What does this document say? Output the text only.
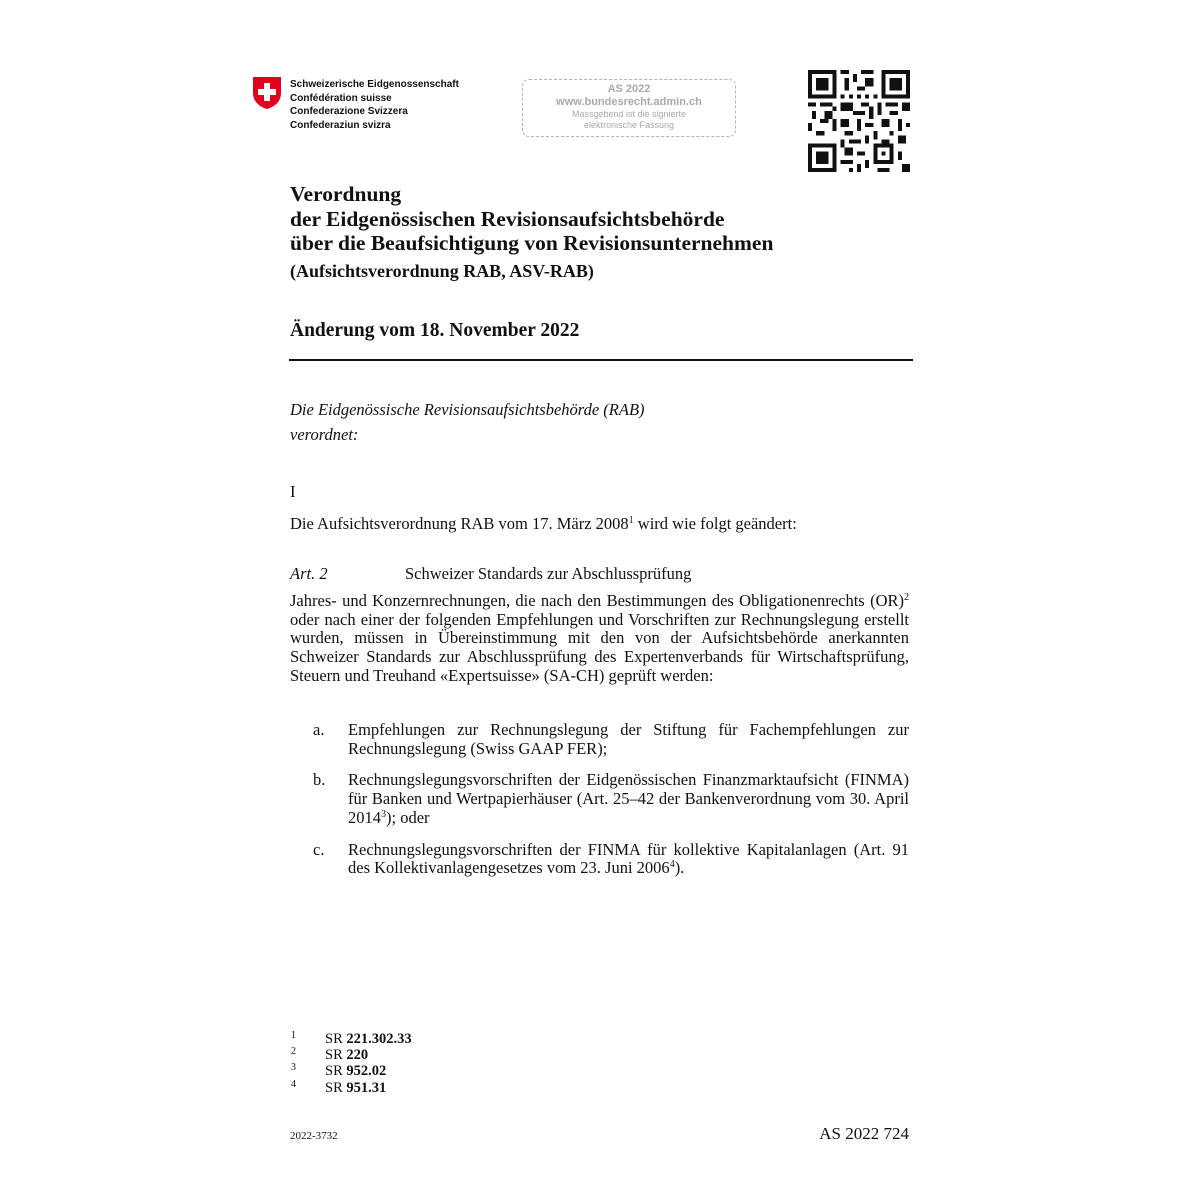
Schweizerische Eidgenossenschaft
Confédération suisse
Confederazione Svizzera
Confederaziun svizra
AS 2022
www.bundesrecht.admin.ch
Massgebend ist die signierte
elektronische Fassung
Verordnung
der Eidgenössischen Revisionsaufsichtsbehörde
über die Beaufsichtigung von Revisionsunternehmen
(Aufsichtsverordnung RAB, ASV-RAB)
Änderung vom 18. November 2022
Die Eidgenössische Revisionsaufsichtsbehörde (RAB)
verordnet:
I
Die Aufsichtsverordnung RAB vom 17. März 2008$^1$ wird wie folgt geändert:
Art. 2	Schweizer Standards zur Abschlussprüfung
Jahres- und Konzernrechnungen, die nach den Bestimmungen des Obligationenrechts (OR)$^2$ oder nach einer der folgenden Empfehlungen und Vorschriften zur Rechnungslegung erstellt wurden, müssen in Übereinstimmung mit den von der Aufsichtsbehörde anerkannten Schweizer Standards zur Abschlussprüfung des Expertenverbands für Wirtschaftsprüfung, Steuern und Treuhand «Expertsuisse» (SA-CH) geprüft werden:
a. Empfehlungen zur Rechnungslegung der Stiftung für Fachempfehlungen zur Rechnungslegung (Swiss GAAP FER);
b. Rechnungslegungsvorschriften der Eidgenössischen Finanzmarktaufsicht (FINMA) für Banken und Wertpapierhäuser (Art. 25–42 der Bankenverordnung vom 30. April 2014$^3$); oder
c. Rechnungslegungsvorschriften der FINMA für kollektive Kapitalanlagen (Art. 91 des Kollektivanlagengesetzes vom 23. Juni 2006$^4$).
1 SR 221.302.33
2 SR 220
3 SR 952.02
4 SR 951.31
2022-3732	AS 2022 724
